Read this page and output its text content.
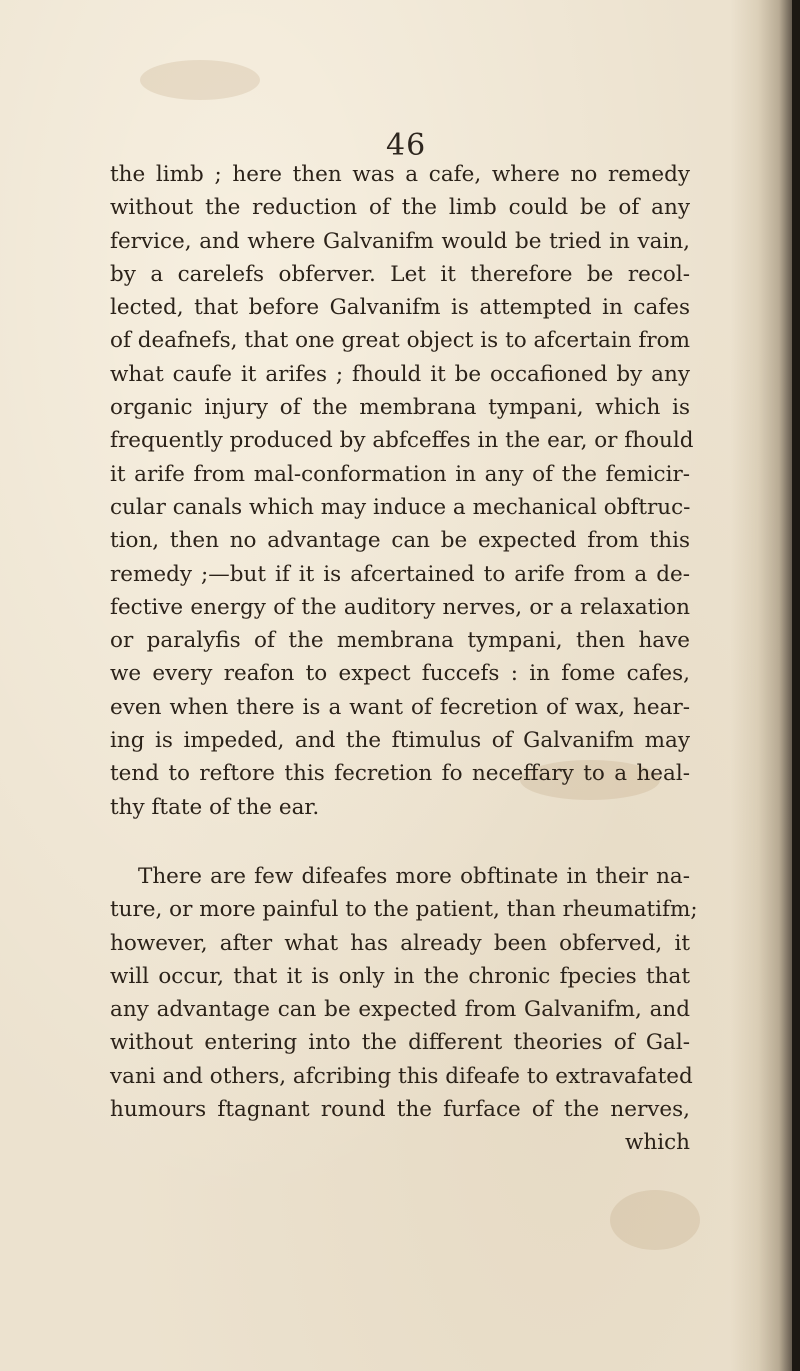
46
the limb ; here then was a cafe, where no remedy
without the reduction of the limb could be of any
fervice, and where Galvanifm would be tried in vain,
by a carelefs obferver. Let it therefore be recol-
lected, that before Galvanifm is attempted in cafes
of deafnefs, that one great object is to afcertain from
what caufe it arifes ; fhould it be occafioned by any
organic injury of the membrana tympani, which is
frequently produced by abfceffes in the ear, or fhould
it arife from mal-conformation in any of the femicir-
cular canals which may induce a mechanical obftruc-
tion, then no advantage can be expected from this
remedy ;—but if it is afcertained to arife from a de-
fective energy of the auditory nerves, or a relaxation
or paralyfis of the membrana tympani, then have
we every reafon to expect fuccefs : in fome cafes,
even when there is a want of fecretion of wax, hear-
ing is impeded, and the ftimulus of Galvanifm may
tend to reftore this fecretion fo neceffary to a heal-
thy ftate of the ear.
There are few difeafes more obftinate in their na-
ture, or more painful to the patient, than rheumatifm;
however, after what has already been obferved, it
will occur, that it is only in the chronic fpecies that
any advantage can be expected from Galvanifm, and
without entering into the different theories of Gal-
vani and others, afcribing this difeafe to extravafated
humours ftagnant round the furface of the nerves,
which
